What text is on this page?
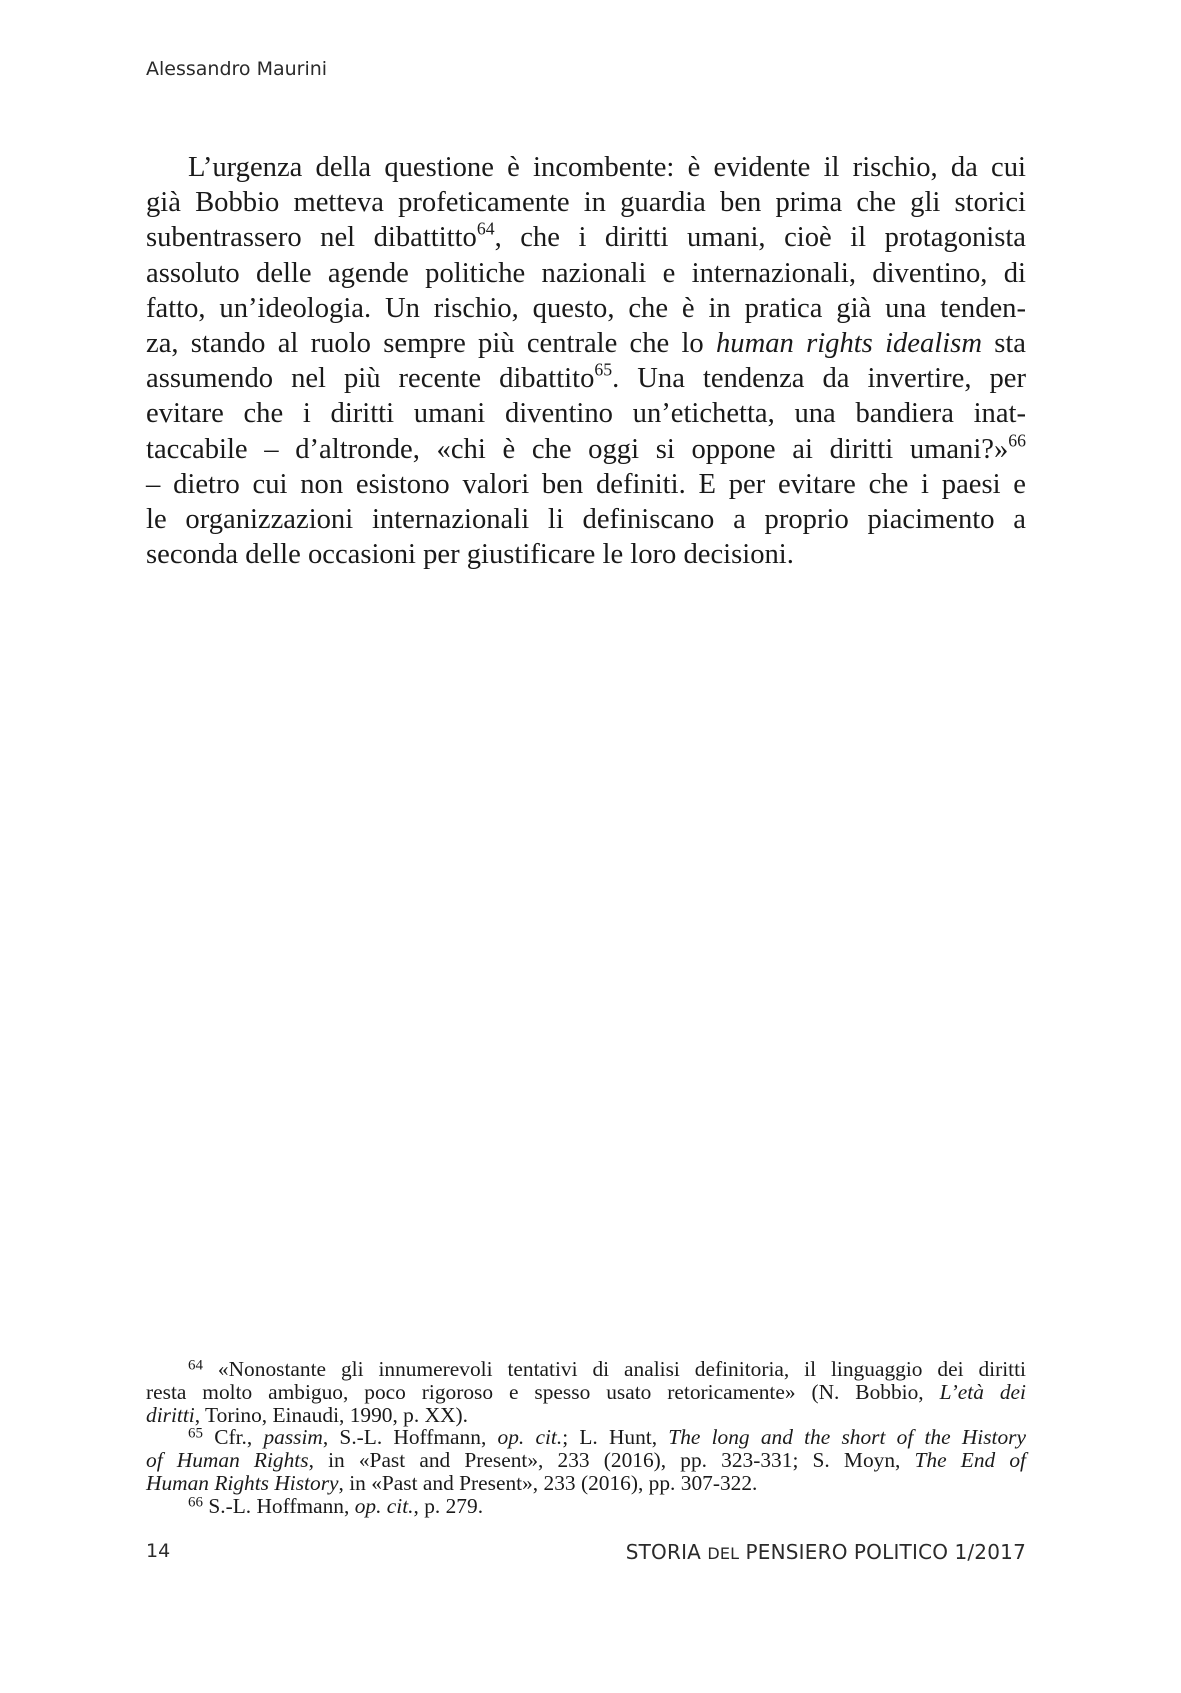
Alessandro Maurini
L’urgenza della questione è incombente: è evidente il rischio, da cui
già Bobbio metteva profeticamente in guardia ben prima che gli storici
subentrassero nel dibattitto$^{64}$, che i diritti umani, cioè il protagonista
assoluto delle agende politiche nazionali e internazionali, diventino, di
fatto, un’ideologia. Un rischio, questo, che è in pratica già una tenden-
za, stando al ruolo sempre più centrale che lo human rights idealism sta
assumendo nel più recente dibattito$^{65}$. Una tendenza da invertire, per
evitare che i diritti umani diventino un’etichetta, una bandiera inat-
taccabile – d’altronde, «chi è che oggi si oppone ai diritti umani?»$^{66}$
– dietro cui non esistono valori ben definiti. E per evitare che i paesi e
le organizzazioni internazionali li definiscano a proprio piacimento a
seconda delle occasioni per giustificare le loro decisioni.
$^{64}$ «Nonostante gli innumerevoli tentativi di analisi definitoria, il linguaggio dei diritti
resta molto ambiguo, poco rigoroso e spesso usato retoricamente» (N. Bobbio, L’età dei
diritti, Torino, Einaudi, 1990, p. XX).
$^{65}$ Cfr., passim, S.-L. Hoffmann, op. cit.; L. Hunt, The long and the short of the History
of Human Rights, in «Past and Present», 233 (2016), pp. 323-331; S. Moyn, The End of
Human Rights History, in «Past and Present», 233 (2016), pp. 307-322.
$^{66}$ S.-L. Hoffmann, op. cit., p. 279.
14	STORIA DEL PENSIERO POLITICO 1/2017
